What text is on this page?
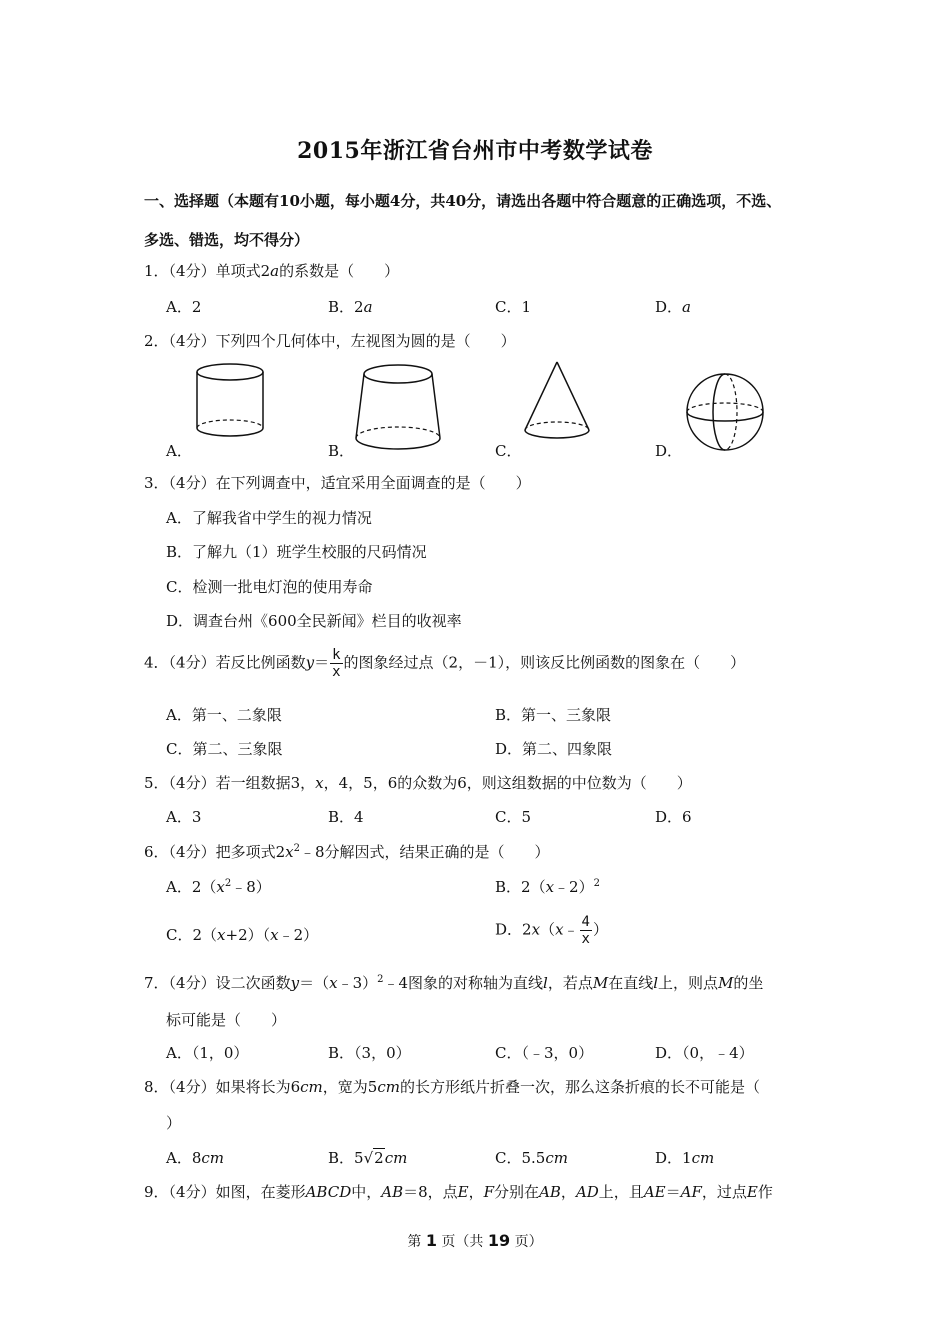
2015年浙江省台州市中考数学试卷
一、选择题（本题有10小题，每小题4分，共40分，请选出各题中符合题意的正确选项，不选、
多选、错选，均不得分）
1．（4分）单项式2a的系数是（　　）
A．2	B．2a	C．1	D．a
2．（4分）下列四个几何体中，左视图为圆的是（　　）
A．	B．	C．	D．
3．（4分）在下列调查中，适宜采用全面调查的是（　　）
A．了解我省中学生的视力情况
B．了解九（1）班学生校服的尺码情况
C．检测一批电灯泡的使用寿命
D．调查台州《600全民新闻》栏目的收视率
4．（4分）若反比例函数$y= \frac{k}{x}$ 的图象经过点（2，－1），则该反比例函数的图象在（　　）
A．第一、二象限	B．第一、三象限
C．第二、三象限	D．第二、四象限
5．（4分）若一组数据3，x，4，5，6的众数为6，则这组数据的中位数为（　　）
A．3	B．4	C．5	D．6
6．（4分）把多项式$2x^2﹣8$分解因式，结果正确的是（　　）
A．$2(x^2﹣8)$	B．2（x﹣2）$^2$
C．2（x+2）（x﹣2）	D．2x（x﹣ $\frac{4}{x}$ ）
7．（4分）设二次函数y＝（x﹣3）$^2$﹣4图象的对称轴为直线l，若点M在直线l上，则点M的坐
标可能是（　　）
A．（1，0）	B．（3，0）	C．（﹣3，0）	D．（0，﹣4）
8．（4分）如果将长为6cm，宽为5cm的长方形纸片折叠一次，那么这条折痕的长不可能是（
）
A．8cm	B．5√2cm	C．5.5cm	D．1cm
9．（4分）如图，在菱形ABCD中，AB＝8，点E，F分别在AB，AD上，且AE＝AF，过点E作
第 1 页（共 19 页）
